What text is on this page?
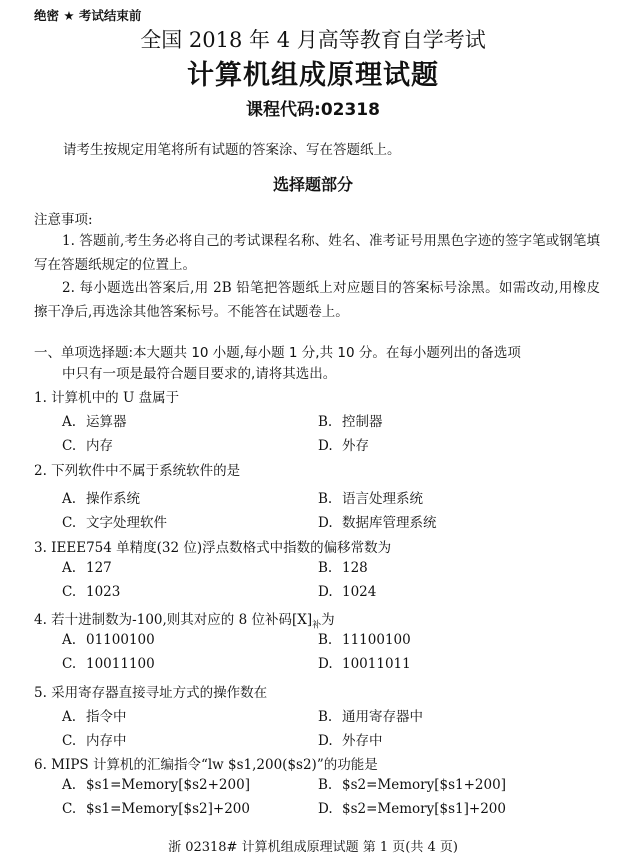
绝密 ★ 考试结束前
全国 2018 年 4 月高等教育自学考试
计算机组成原理试题
课程代码:02318
请考生按规定用笔将所有试题的答案涂、写在答题纸上。
选择题部分
注意事项:
1. 答题前,考生务必将自己的考试课程名称、姓名、准考证号用黑色字迹的签字笔或钢笔填写在答题纸规定的位置上。
2. 每小题选出答案后,用 2B 铅笔把答题纸上对应题目的答案标号涂黑。如需改动,用橡皮擦干净后,再选涂其他答案标号。不能答在试题卷上。
一、单项选择题:本大题共 10 小题,每小题 1 分,共 10 分。在每小题列出的备选项
中只有一项是最符合题目要求的,请将其选出。
1. 计算机中的 U 盘属于
A. 运算器	B. 控制器
C. 内存	D. 外存
2. 下列软件中不属于系统软件的是
A. 操作系统	B. 语言处理系统
C. 文字处理软件	D. 数据库管理系统
3. IEEE754 单精度(32 位)浮点数格式中指数的偏移常数为
A. 127	B. 128
C. 1023	D. 1024
4. 若十进制数为-100,则其对应的 8 位补码$[X]_补$为
A. 01100100	B. 11100100
C. 10011100	D. 10011011
5. 采用寄存器直接寻址方式的操作数在
A. 指令中	B. 通用寄存器中
C. 内存中	D. 外存中
6. MIPS 计算机的汇编指令“lw $s1,200($s2)”的功能是
A. $s1=Memory[$s2+200]	B. $s2=Memory[$s1+200]
C. $s1=Memory[$s2]+200	D. $s2=Memory[$s1]+200
浙 02318# 计算机组成原理试题 第 1 页(共 4 页)
